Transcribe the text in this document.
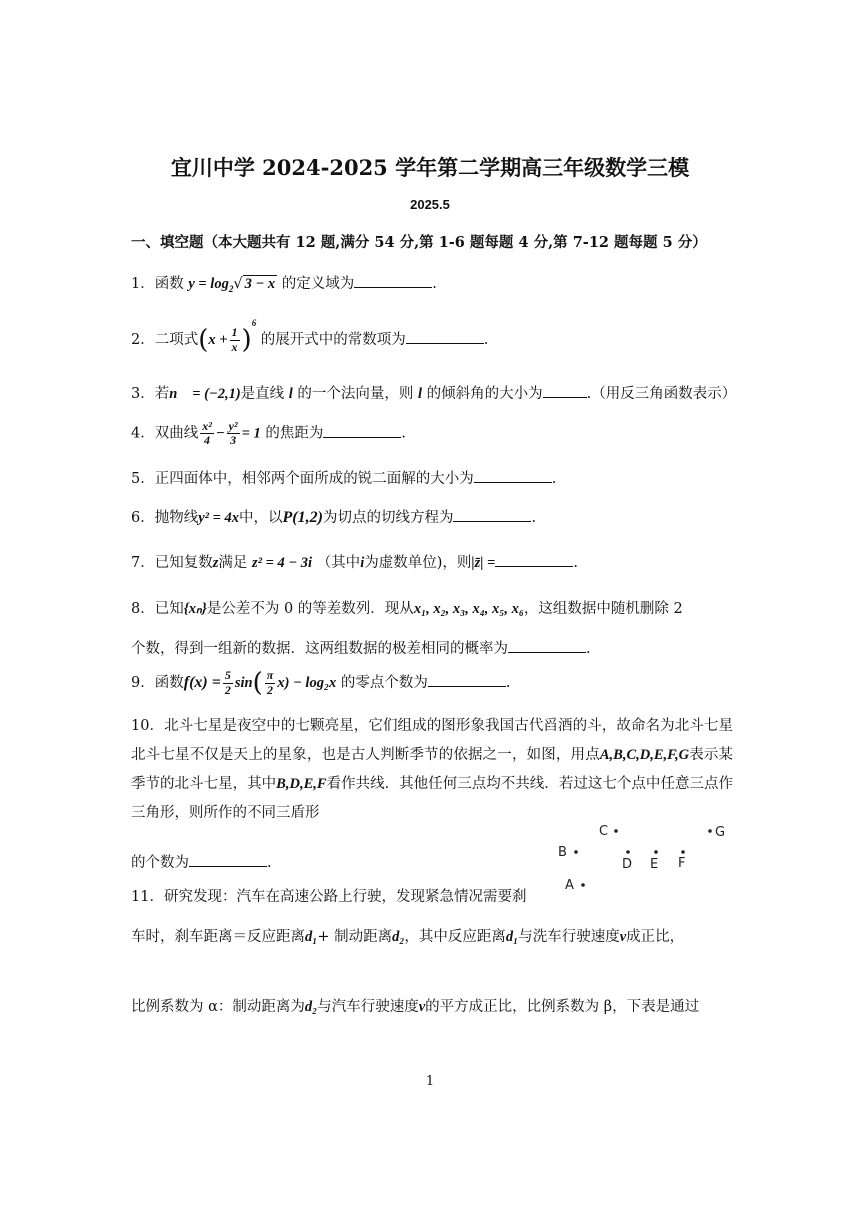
宜川中学 2024-2025 学年第二学期高三年级数学三模
2025.5
一、填空题（本大题共有 12 题,满分 54 分,第 1-6 题每题 4 分,第 7-12 题每题 5 分）
1．函数 $y = \log_2√$ 3 − x 的定义域为	.
2．二项式$(x + \frac{1}{x} )^6$ 的展开式中的常数项为	.
3．若n⃗ = (−2,1)是直线 l 的一个法向量，则 l 的倾斜角的大小为	.（用反三角函数表示）
4．双曲线 $\frac{\text{x²}}{4} - \frac{\text{y²}}{3} = 1$ 的焦距为	.
5．正四面体中，相邻两个面所成的锐二面解的大小为	.
6．抛物线y² = 4x中，以P(1,2)为切点的切线方程为	.
7．已知复数z满足 z² = 4 − 3i （其中i为虚数单位)，则|z̄| =	.
8．已知{xₙ}是公差不为 0 的等差数列．现从x₁, x₂, x₃, x₄, x₅, x₆，这组数据中随机删除 2
个数，得到一组新的数据．这两组数据的极差相同的概率为	.
9．函数$f(x) = \frac{5}{2} \sin( \frac{\pi}{2} x) - \log_2x$ 的零点个数为	.
10．北斗七星是夜空中的七颗亮星，它们组成的图形象我国古代舀酒的斗，故命名为北斗七星北斗七星不仅是天上的星象，也是古人判断季节的依据之一，如图，用点A,B,C,D,E,F,G表示某季节的北斗七星，其中B,D,E,F看作共线．其他任何三点均不共线．若过这七个点中任意三点作三角形，则所作的不同三盾形
的个数为	.
C	G
B
D E F
A
11．研究发现：汽车在高速公路上行驶，发现紧急情况需要刹
车时，刹车距离＝反应距离d₁+ 制动距离d₂，其中反应距离d₁与洗车行驶速度v成正比，
比例系数为 α：制动距离为d₂与汽车行驶速度v的平方成正比，比例系数为 β，下表是通过
1
